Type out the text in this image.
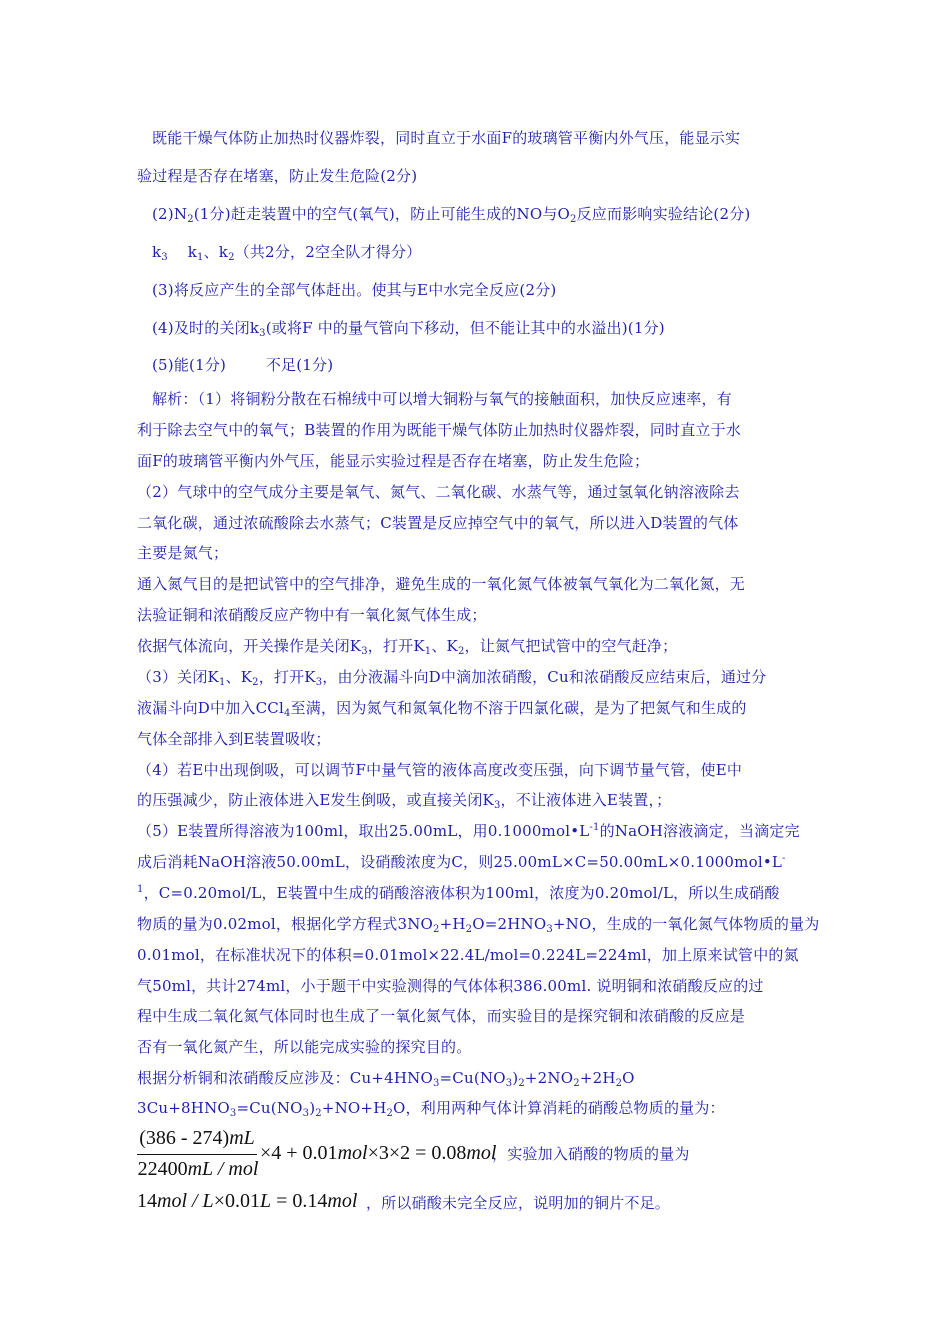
既能干燥气体防止加热时仪器炸裂，同时直立于水面F的玻璃管平衡内外气压，能显示实
验过程是否存在堵塞，防止发生危险(2分)
$(2)N_2(1$分)赶走装置中的空气(氧气)，防止可能生成的NO与$O_2$反应而影响实验结论(2分)
$k_3$ $k_1$、$k_2$（共2分，2空全队才得分）
(3)将反应产生的全部气体赶出。使其与E中水完全反应(2分)
(4)及时的关闭$k_3$(或将F 中的量气管向下移动，但不能让其中的水溢出)(1分)
(5)能(1分)	不足(1分)
解析：（1）将铜粉分散在石棉绒中可以增大铜粉与氧气的接触面积，加快反应速率，有
利于除去空气中的氧气；B装置的作用为既能干燥气体防止加热时仪器炸裂，同时直立于水
面F的玻璃管平衡内外气压，能显示实验过程是否存在堵塞，防止发生危险；
（2）气球中的空气成分主要是氧气、氮气、二氧化碳、水蒸气等，通过氢氧化钠溶液除去
二氧化碳，通过浓硫酸除去水蒸气；C装置是反应掉空气中的氧气，所以进入D装置的气体
主要是氮气；
通入氮气目的是把试管中的空气排净，避免生成的一氧化氮气体被氧气氧化为二氧化氮，无
法验证铜和浓硝酸反应产物中有一氧化氮气体生成；
依据气体流向，开关操作是关闭$K_3$，打开$K_1$、$K_2$，让氮气把试管中的空气赶净；
（3）关闭$K_1$、$K_2$，打开$K_3$，由分液漏斗向D中滴加浓硝酸，Cu和浓硝酸反应结束后，通过分
液漏斗向D中加入CCl$_4$至满，因为氮气和氮氧化物不溶于四氯化碳，是为了把氮气和生成的
气体全部排入到E装置吸收；
（4）若E中出现倒吸，可以调节F中量气管的液体高度改变压强，向下调节量气管，使E中
的压强减少，防止液体进入E发生倒吸，或直接关闭$K_3$，不让液体进入E装置，；
（5）E装置所得溶液为100ml，取出25.00mL，用$0.1000mol•L^{-1}$的NaOH溶液滴定，当滴定完
成后消耗NaOH溶液50.00mL，设硝酸浓度为C，则25.00mL×C=50.00mL×0.1000mol•L-
$^1$，C=0.20mol/L，E装置中生成的硝酸溶液体积为100ml，浓度为0.20mol/L，所以生成硝酸
物质的量为0.02mol，根据化学方程式$3NO_2+H_2O=2HNO_3+NO$，生成的一氧化氮气体物质的量为
0.01mol，在标准状况下的体积=0.01mol×22.4L/mol=0.224L=224ml，加上原来试管中的氮
气50ml，共计274ml，小于题干中实验测得的气体体积386.00ml. 说明铜和浓硝酸反应的过
程中生成二氧化氮气体同时也生成了一氧化氮气体，而实验目的是探究铜和浓硝酸的反应是
否有一氧化氮产生，所以能完成实验的探究目的。
根据分析铜和浓硝酸反应涉及：$Cu+4HNO_3=Cu(NO_3)_2+2NO_2+2H_2O$
$3Cu+8HNO_3=Cu(NO_3)_2+NO+H_2O$，利用两种气体计算消耗的硝酸总物质的量为：
(386 - 274)mL
22400mL / mol
×4 + 0.01mol×3×2 = 0.08mol
，实验加入硝酸的物质的量为
14mol / L×0.01L = 0.14mol ，所以硝酸未完全反应，说明加的铜片不足。
